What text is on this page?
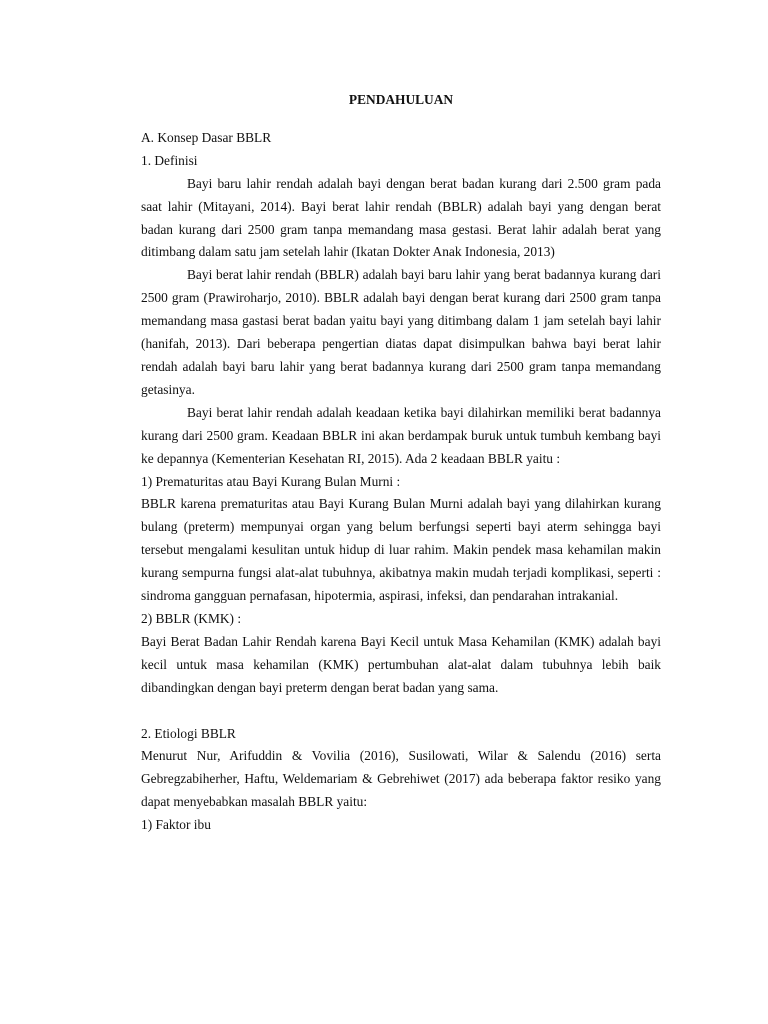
PENDAHULUAN

A. Konsep Dasar BBLR

1. Definisi

Bayi baru lahir rendah adalah bayi dengan berat badan kurang dari 2.500 gram pada saat lahir (Mitayani, 2014). Bayi berat lahir rendah (BBLR) adalah bayi yang dengan berat badan kurang dari 2500 gram tanpa memandang masa gestasi. Berat lahir adalah berat yang ditimbang dalam satu jam setelah lahir (Ikatan Dokter Anak Indonesia, 2013)

Bayi berat lahir rendah (BBLR) adalah bayi baru lahir yang berat badannya kurang dari 2500 gram (Prawiroharjo, 2010). BBLR adalah bayi dengan berat kurang dari 2500 gram tanpa memandang masa gastasi berat badan yaitu bayi yang ditimbang dalam 1 jam setelah bayi lahir (hanifah, 2013). Dari beberapa pengertian diatas dapat disimpulkan bahwa bayi berat lahir rendah adalah bayi baru lahir yang berat badannya kurang dari 2500 gram tanpa memandang getasinya.

Bayi berat lahir rendah adalah keadaan ketika bayi dilahirkan memiliki berat badannya kurang dari 2500 gram. Keadaan BBLR ini akan berdampak buruk untuk tumbuh kembang bayi ke depannya (Kementerian Kesehatan RI, 2015). Ada 2 keadaan BBLR yaitu :

1) Prematuritas atau Bayi Kurang Bulan Murni :

BBLR karena prematuritas atau Bayi Kurang Bulan Murni adalah bayi yang dilahirkan kurang bulang (preterm) mempunyai organ yang belum berfungsi seperti bayi aterm sehingga bayi tersebut mengalami kesulitan untuk hidup di luar rahim. Makin pendek masa kehamilan makin kurang sempurna fungsi alat-alat tubuhnya, akibatnya makin mudah terjadi komplikasi, seperti : sindroma gangguan pernafasan, hipotermia, aspirasi, infeksi, dan pendarahan intrakanial.

2) BBLR (KMK) :

Bayi Berat Badan Lahir Rendah karena Bayi Kecil untuk Masa Kehamilan (KMK) adalah bayi kecil untuk masa kehamilan (KMK) pertumbuhan alat-alat dalam tubuhnya lebih baik dibandingkan dengan bayi preterm dengan berat badan yang sama.

2. Etiologi BBLR

Menurut Nur, Arifuddin & Vovilia (2016), Susilowati, Wilar & Salendu (2016) serta Gebregzabiherher, Haftu, Weldemariam & Gebrehiwet (2017) ada beberapa faktor resiko yang dapat menyebabkan masalah BBLR yaitu:

1) Faktor ibu
